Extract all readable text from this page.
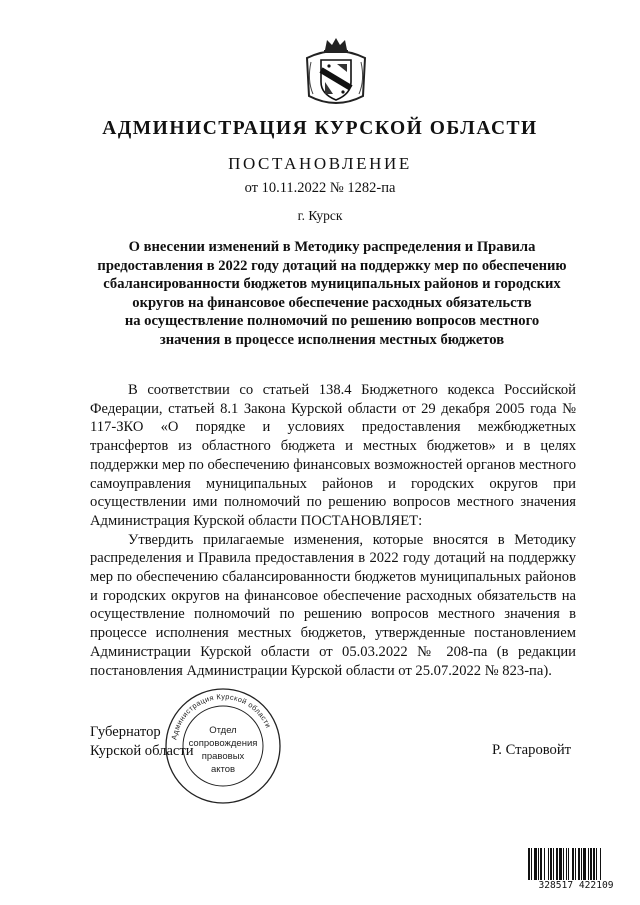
АДМИНИСТРАЦИЯ КУРСКОЙ ОБЛАСТИ
ПОСТАНОВЛЕНИЕ
от 10.11.2022 № 1282-па
г. Курск
О внесении изменений в Методику распределения и Правила
предоставления в 2022 году дотаций на поддержку мер по обеспечению
сбалансированности бюджетов муниципальных районов и городских
округов на финансовое обеспечение расходных обязательств
на осуществление полномочий по решению вопросов местного
значения в процессе исполнения местных бюджетов

В соответствии со статьей 138.4 Бюджетного кодекса Российской Федерации, статьей 8.1 Закона Курской области от 29 декабря 2005 года № 117-ЗКО «О порядке и условиях предоставления межбюджетных трансфертов из областного бюджета и местных бюджетов» и в целях поддержки мер по обеспечению финансовых возможностей органов местного самоуправления муниципальных районов и городских округов при осуществлении ими полномочий по решению вопросов местного значения Администрация Курской области ПОСТАНОВЛЯЕТ:

Утвердить прилагаемые изменения, которые вносятся в Методику распределения и Правила предоставления в 2022 году дотаций на поддержку мер по обеспечению сбалансированности бюджетов муниципальных районов и городских округов на финансовое обеспечение расходных обязательств на осуществление полномочий по решению вопросов местного значения в процессе исполнения местных бюджетов, утвержденные постановлением Администрации Курской области от 05.03.2022 № 208-па (в редакции постановления Администрации Курской области от 25.07.2022 № 823-па).

Губернатор
Курской области
Администрация Курской области
Отдел
сопровождения
правовых
актов
Р. Старовойт
328517 422109
